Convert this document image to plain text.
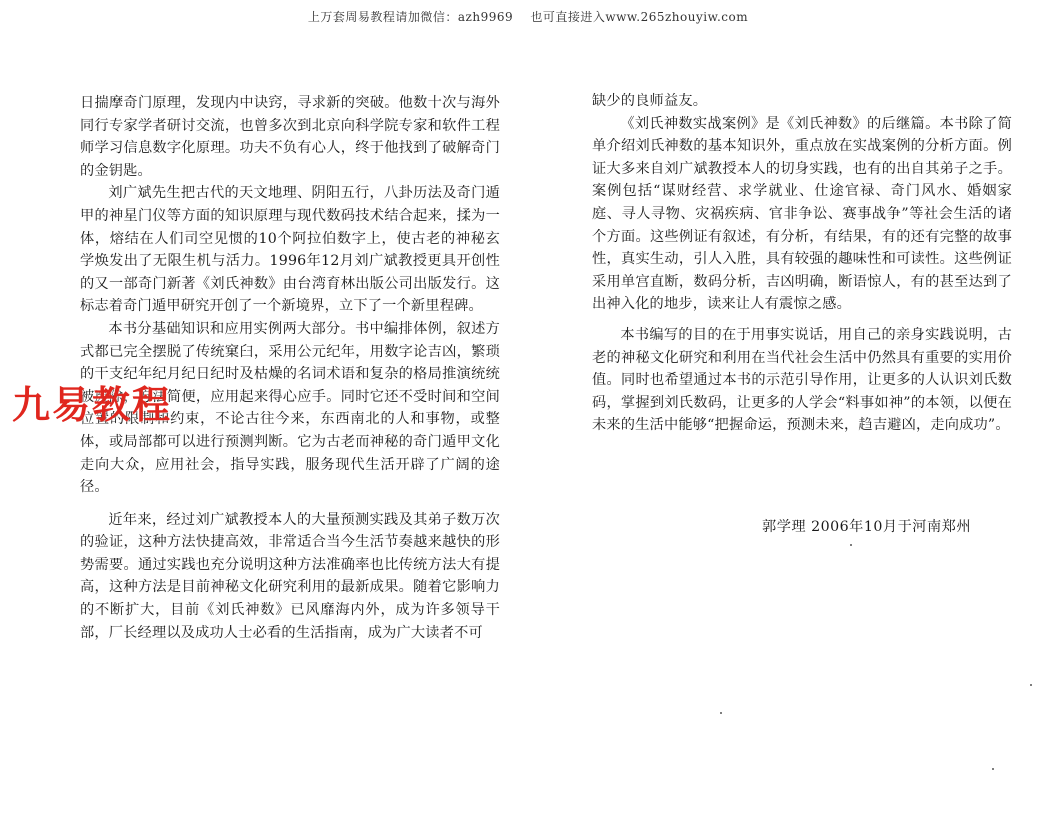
上万套周易教程请加微信：azh9969    也可直接进入www.265zhouyiw.com

日揣摩奇门原理，发现内中诀窍，寻求新的突破。他数十次与海外同行专家学者研讨交流，也曾多次到北京向科学院专家和软件工程师学习信息数字化原理。功夫不负有心人，终于他找到了破解奇门的金钥匙。

刘广斌先生把古代的天文地理、阴阳五行，八卦历法及奇门遁甲的神星门仪等方面的知识原理与现代数码技术结合起来，揉为一体，熔结在人们司空见惯的10个阿拉伯数字上，使古老的神秘玄学焕发出了无限生机与活力。1996年12月刘广斌教授更具开创性的又一部奇门新著《刘氏神数》由台湾育林出版公司出版发行。这标志着奇门遁甲研究开创了一个新境界，立下了一个新里程碑。

本书分基础知识和应用实例两大部分。书中编排体例，叙述方式都已完全摆脱了传统窠臼，采用公元纪年，用数字论吉凶，繁琐的干支纪年纪月纪日纪时及枯燥的名词术语和复杂的格局推演统统被废除，方法简便，应用起来得心应手。同时它还不受时间和空间位置的限制和约束，不论古往今来，东西南北的人和事物，或整体，或局部都可以进行预测判断。它为古老而神秘的奇门遁甲文化走向大众，应用社会，指导实践，服务现代生活开辟了广阔的途径。

近年来，经过刘广斌教授本人的大量预测实践及其弟子数万次的验证，这种方法快捷高效，非常适合当今生活节奏越来越快的形势需要。通过实践也充分说明这种方法准确率也比传统方法大有提高，这种方法是目前神秘文化研究利用的最新成果。随着它影响力的不断扩大，目前《刘氏神数》已风靡海内外，成为许多领导干部，厂长经理以及成功人士必看的生活指南，成为广大读者不可

九易教程

缺少的良师益友。

《刘氏神数实战案例》是《刘氏神数》的后继篇。本书除了简单介绍刘氏神数的基本知识外，重点放在实战案例的分析方面。例证大多来自刘广斌教授本人的切身实践，也有的出自其弟子之手。案例包括“谋财经营、求学就业、仕途官禄、奇门风水、婚姻家庭、寻人寻物、灾祸疾病、官非争讼、赛事战争”等社会生活的诸个方面。这些例证有叙述，有分析，有结果，有的还有完整的故事性，真实生动，引人入胜，具有较强的趣味性和可读性。这些例证采用单宫直断，数码分析，吉凶明确，断语惊人，有的甚至达到了出神入化的地步，读来让人有震惊之感。

本书编写的目的在于用事实说话，用自己的亲身实践说明，古老的神秘文化研究和利用在当代社会生活中仍然具有重要的实用价值。同时也希望通过本书的示范引导作用，让更多的人认识刘氏数码，掌握到刘氏数码，让更多的人学会“料事如神”的本领，以便在未来的生活中能够“把握命运，预测未来，趋吉避凶，走向成功”。

郭学理 2006年10月于河南郑州
